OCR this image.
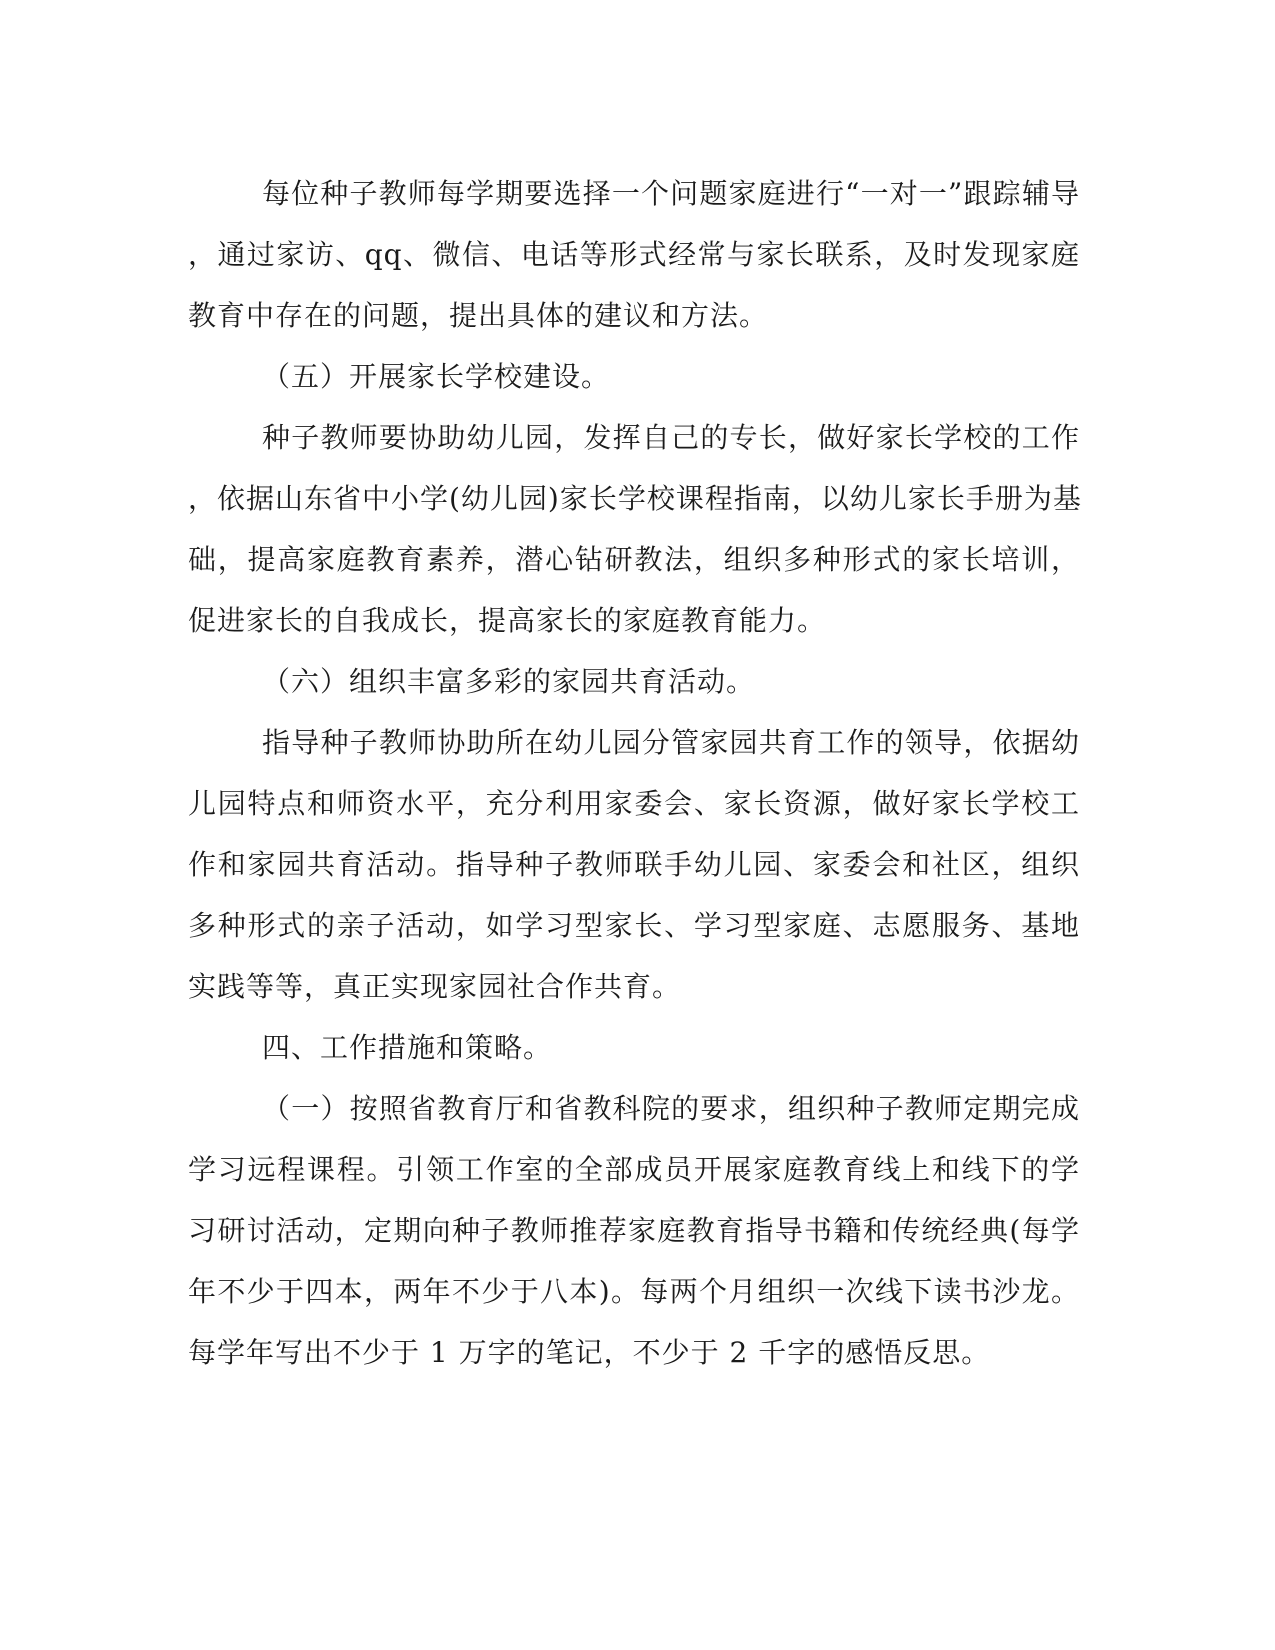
每位种子教师每学期要选择一个问题家庭进行“一对一”跟踪辅导
，通过家访、qq、微信、电话等形式经常与家长联系，及时发现家庭
教育中存在的问题，提出具体的建议和方法。
（五）开展家长学校建设。
种子教师要协助幼儿园，发挥自己的专长，做好家长学校的工作
，依据山东省中小学(幼儿园)家长学校课程指南，以幼儿家长手册为基
础，提高家庭教育素养，潜心钻研教法，组织多种形式的家长培训，
促进家长的自我成长，提高家长的家庭教育能力。
（六）组织丰富多彩的家园共育活动。
指导种子教师协助所在幼儿园分管家园共育工作的领导，依据幼
儿园特点和师资水平，充分利用家委会、家长资源，做好家长学校工
作和家园共育活动。指导种子教师联手幼儿园、家委会和社区，组织
多种形式的亲子活动，如学习型家长、学习型家庭、志愿服务、基地
实践等等，真正实现家园社合作共育。
四、工作措施和策略。
（一）按照省教育厅和省教科院的要求，组织种子教师定期完成
学习远程课程。引领工作室的全部成员开展家庭教育线上和线下的学
习研讨活动，定期向种子教师推荐家庭教育指导书籍和传统经典(每学
年不少于四本，两年不少于八本)。每两个月组织一次线下读书沙龙。
每学年写出不少于 1 万字的笔记，不少于 2 千字的感悟反思。
